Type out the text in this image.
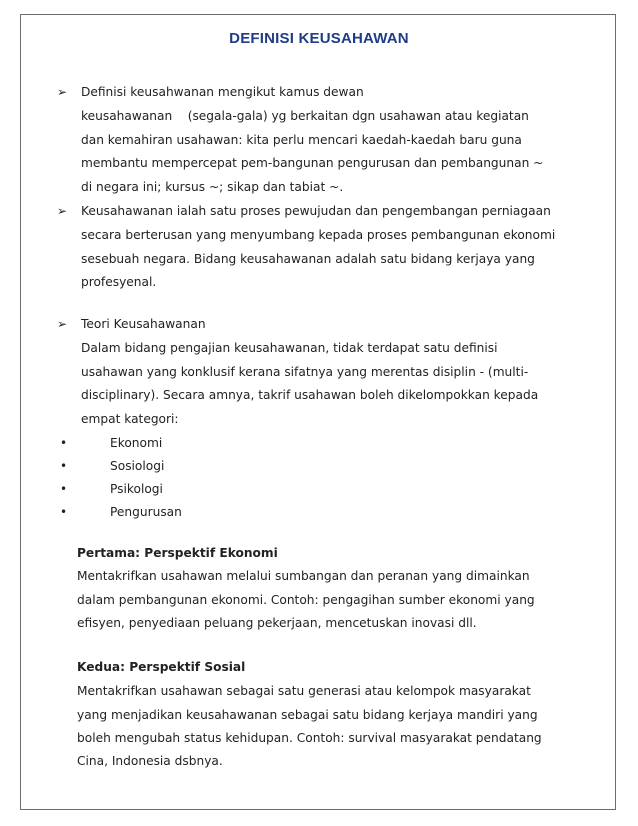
DEFINISI KEUSAHAWAN
➢ Definisi keusahwanan mengikut kamus dewan
keusahawanan    (segala-gala) yg berkaitan dgn usahawan atau kegiatan
dan kemahiran usahawan: kita perlu mencari kaedah-kaedah baru guna
membantu mempercepat pem-bangunan pengurusan dan pembangunan ~
di negara ini; kursus ~; sikap dan tabiat ~.
➢ Keusahawanan ialah satu proses pewujudan dan pengembangan perniagaan
secara berterusan yang menyumbang kepada proses pembangunan ekonomi
sesebuah negara. Bidang keusahawanan adalah satu bidang kerjaya yang
profesyenal.
➢ Teori Keusahawanan
Dalam bidang pengajian keusahawanan, tidak terdapat satu definisi
usahawan yang konklusif kerana sifatnya yang merentas disiplin - (multi-
disciplinary). Secara amnya, takrif usahawan boleh dikelompokkan kepada
empat kategori:
•	Ekonomi
•	Sosiologi
•	Psikologi
•	Pengurusan
Pertama: Perspektif Ekonomi
Mentakrifkan usahawan melalui sumbangan dan peranan yang dimainkan
dalam pembangunan ekonomi. Contoh: pengagihan sumber ekonomi yang
efisyen, penyediaan peluang pekerjaan, mencetuskan inovasi dll.
Kedua: Perspektif Sosial
Mentakrifkan usahawan sebagai satu generasi atau kelompok masyarakat
yang menjadikan keusahawanan sebagai satu bidang kerjaya mandiri yang
boleh mengubah status kehidupan. Contoh: survival masyarakat pendatang
Cina, Indonesia dsbnya.
